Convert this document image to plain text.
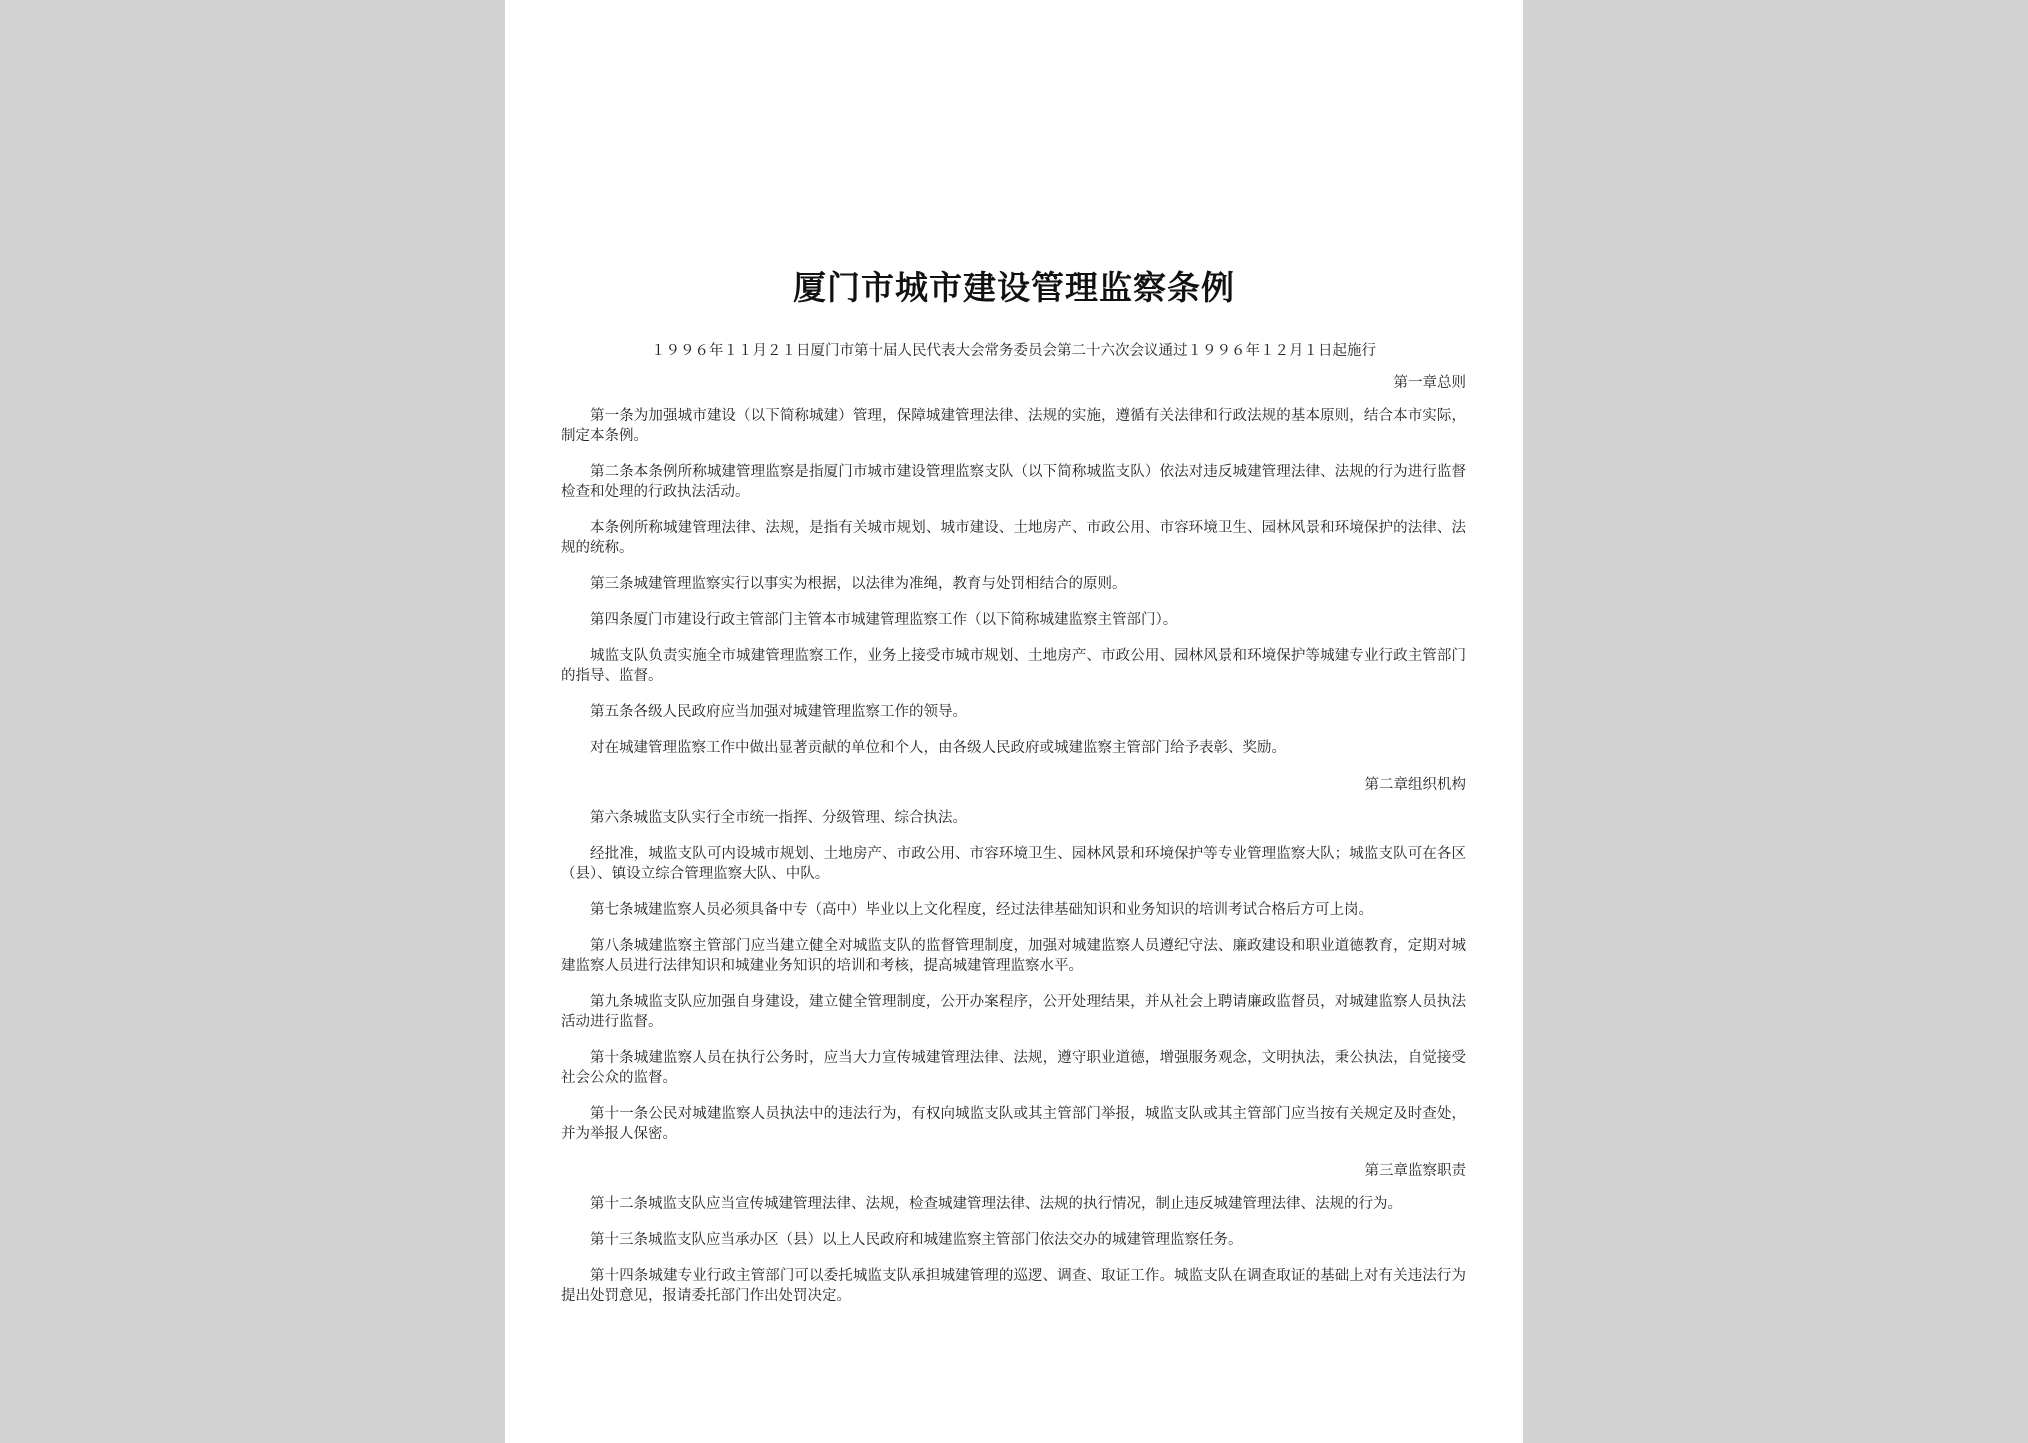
厦门市城市建设管理监察条例
１９９６年１１月２１日厦门市第十届人民代表大会常务委员会第二十六次会议通过１９９６年１２月１日起施行
第一章总则

第一条为加强城市建设（以下简称城建）管理，保障城建管理法律、法规的实施，遵循有关法律和行政法规的基本原则，结合本市实际，制定本条例。

第二条本条例所称城建管理监察是指厦门市城市建设管理监察支队（以下简称城监支队）依法对违反城建管理法律、法规的行为进行监督检查和处理的行政执法活动。

本条例所称城建管理法律、法规，是指有关城市规划、城市建设、土地房产、市政公用、市容环境卫生、园林风景和环境保护的法律、法规的统称。

第三条城建管理监察实行以事实为根据，以法律为准绳，教育与处罚相结合的原则。

第四条厦门市建设行政主管部门主管本市城建管理监察工作（以下简称城建监察主管部门）。

城监支队负责实施全市城建管理监察工作，业务上接受市城市规划、土地房产、市政公用、园林风景和环境保护等城建专业行政主管部门的指导、监督。

第五条各级人民政府应当加强对城建管理监察工作的领导。

对在城建管理监察工作中做出显著贡献的单位和个人，由各级人民政府或城建监察主管部门给予表彰、奖励。

第二章组织机构

第六条城监支队实行全市统一指挥、分级管理、综合执法。

经批准，城监支队可内设城市规划、土地房产、市政公用、市容环境卫生、园林风景和环境保护等专业管理监察大队；城监支队可在各区（县）、镇设立综合管理监察大队、中队。

第七条城建监察人员必须具备中专（高中）毕业以上文化程度，经过法律基础知识和业务知识的培训考试合格后方可上岗。

第八条城建监察主管部门应当建立健全对城监支队的监督管理制度，加强对城建监察人员遵纪守法、廉政建设和职业道德教育，定期对城建监察人员进行法律知识和城建业务知识的培训和考核，提高城建管理监察水平。

第九条城监支队应加强自身建设，建立健全管理制度，公开办案程序，公开处理结果，并从社会上聘请廉政监督员，对城建监察人员执法活动进行监督。

第十条城建监察人员在执行公务时，应当大力宣传城建管理法律、法规，遵守职业道德，增强服务观念，文明执法，秉公执法，自觉接受社会公众的监督。

第十一条公民对城建监察人员执法中的违法行为，有权向城监支队或其主管部门举报，城监支队或其主管部门应当按有关规定及时查处，并为举报人保密。

第三章监察职责

第十二条城监支队应当宣传城建管理法律、法规，检查城建管理法律、法规的执行情况，制止违反城建管理法律、法规的行为。

第十三条城监支队应当承办区（县）以上人民政府和城建监察主管部门依法交办的城建管理监察任务。

第十四条城建专业行政主管部门可以委托城监支队承担城建管理的巡逻、调查、取证工作。城监支队在调查取证的基础上对有关违法行为提出处罚意见，报请委托部门作出处罚决定。
